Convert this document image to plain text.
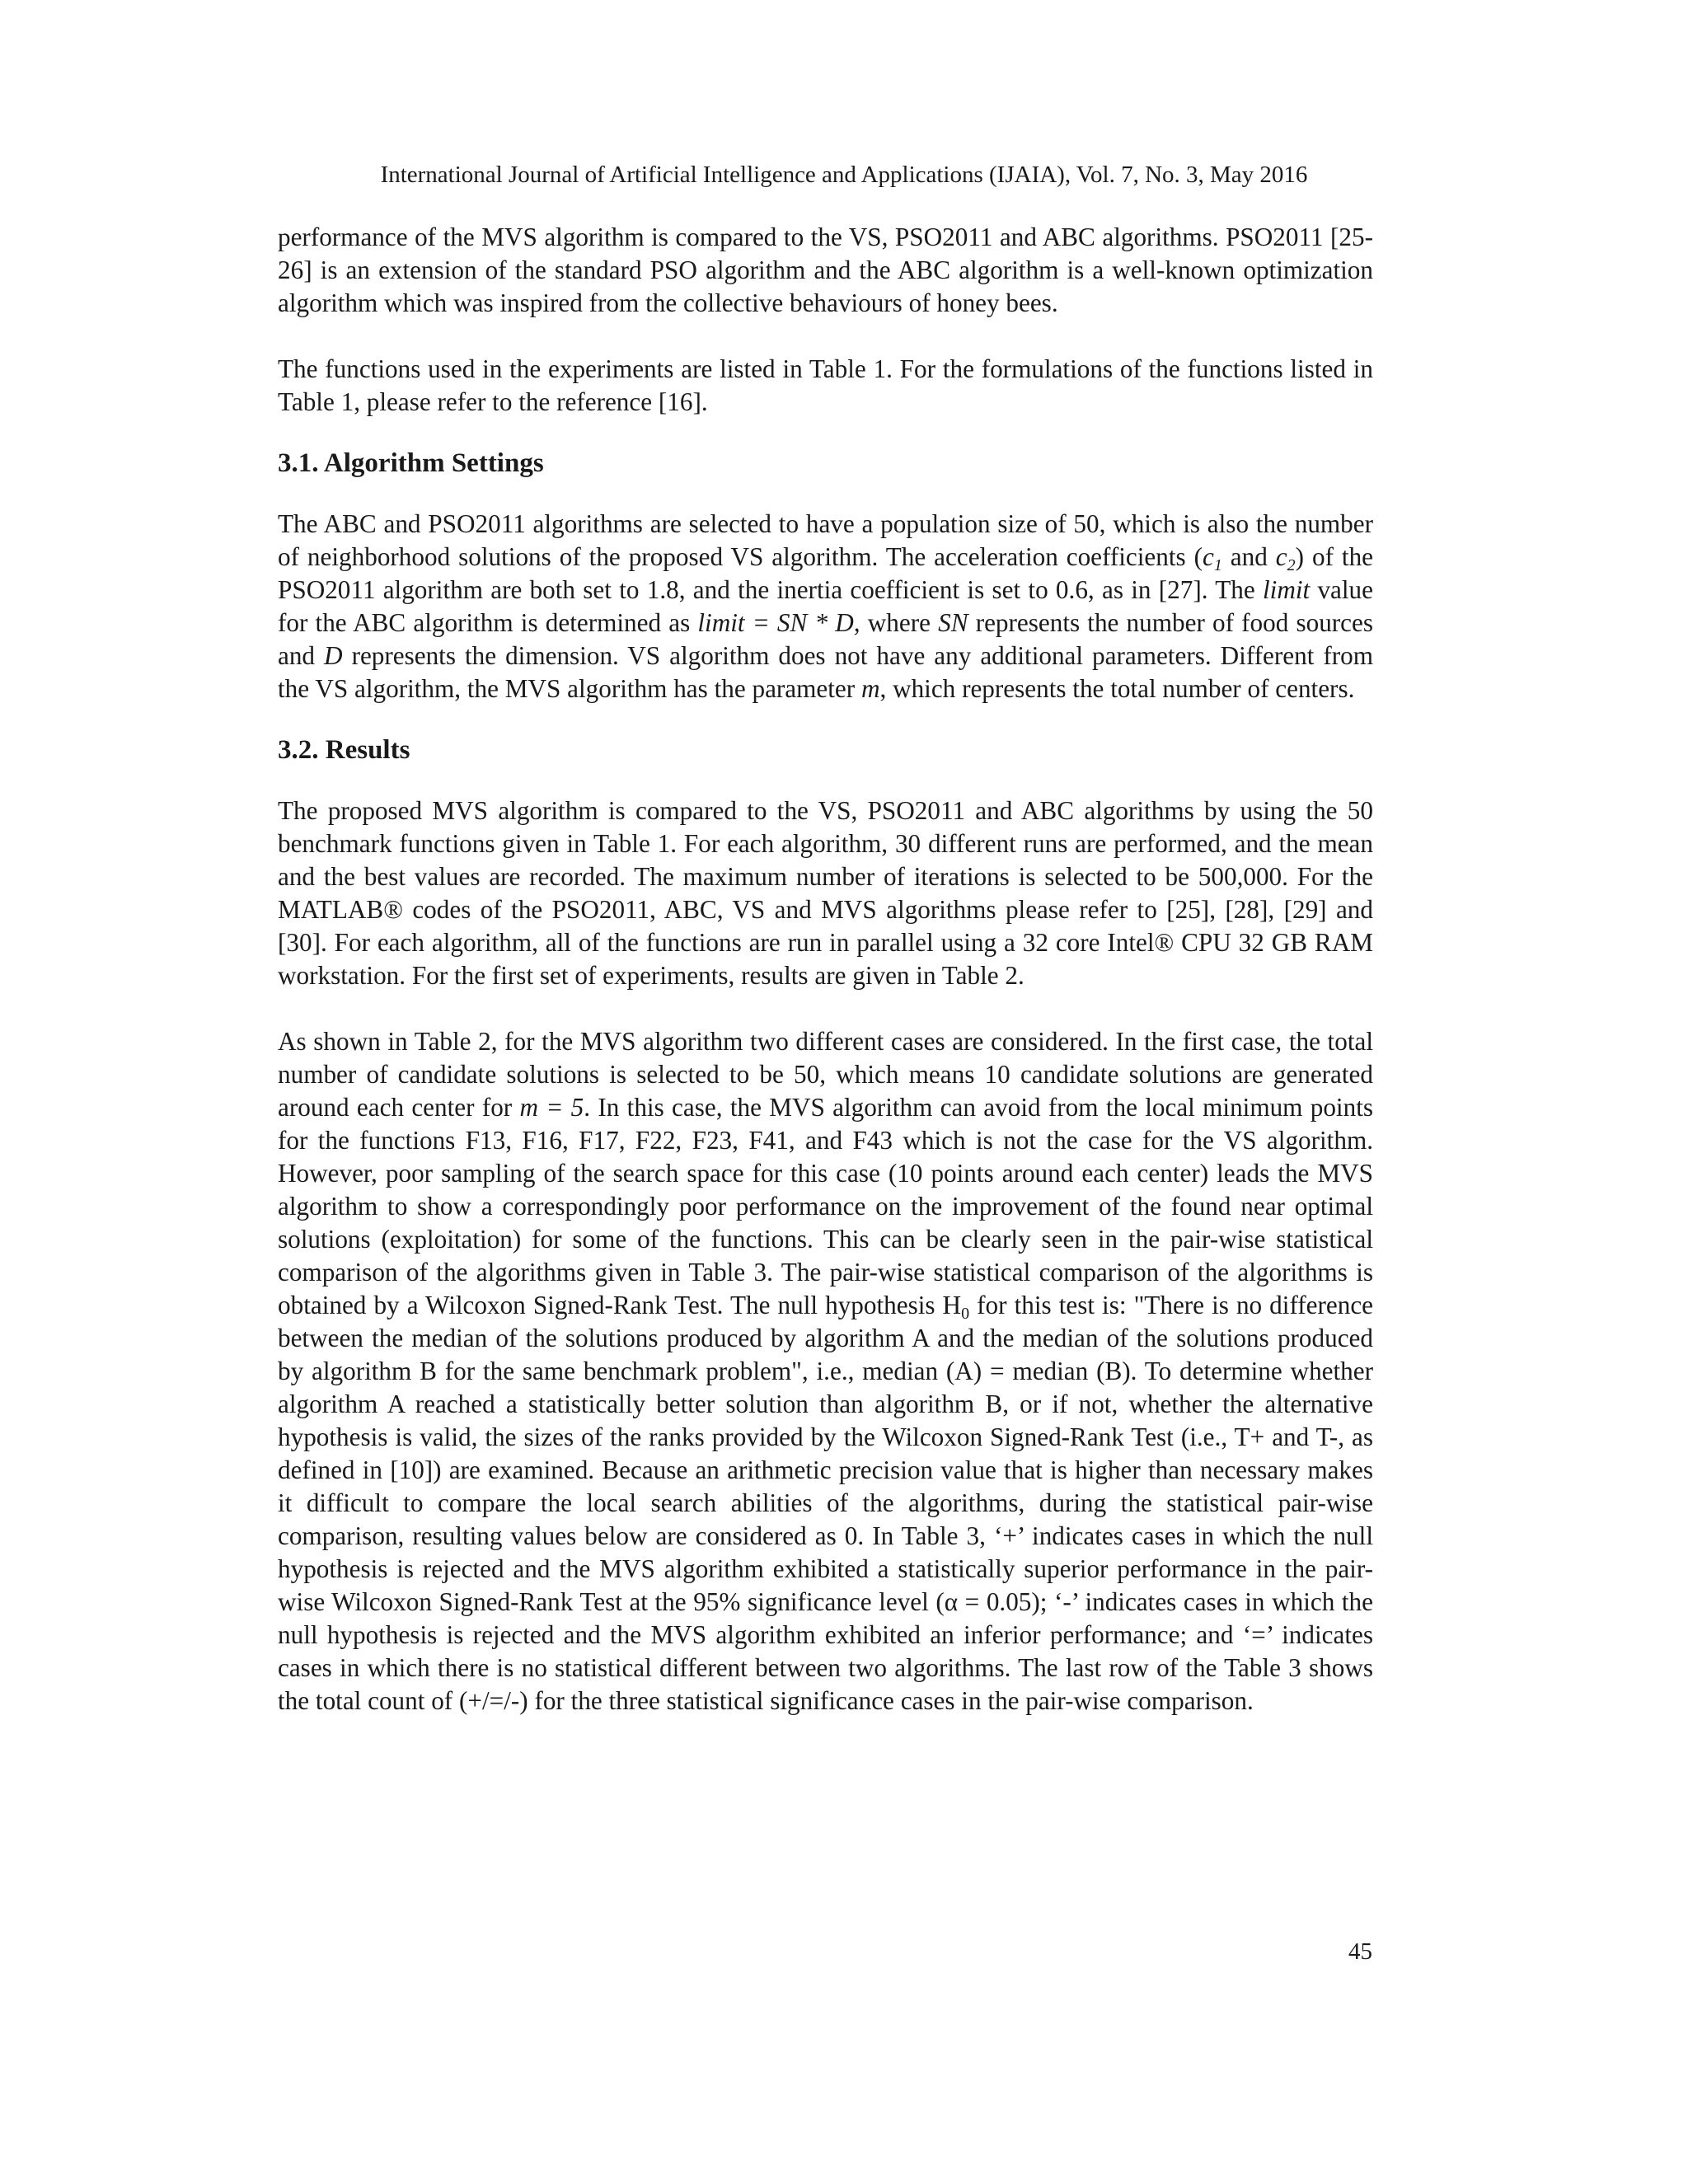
International Journal of Artificial Intelligence and Applications (IJAIA), Vol. 7, No. 3, May 2016

performance of the MVS algorithm is compared to the VS, PSO2011 and ABC algorithms. PSO2011 [25-26] is an extension of the standard PSO algorithm and the ABC algorithm is a well-known optimization algorithm which was inspired from the collective behaviours of honey bees.

The functions used in the experiments are listed in Table 1. For the formulations of the functions listed in Table 1, please refer to the reference [16].

3.1. Algorithm Settings

The ABC and PSO2011 algorithms are selected to have a population size of 50, which is also the number of neighborhood solutions of the proposed VS algorithm. The acceleration coefficients ($c_1$ and $c_2$) of the PSO2011 algorithm are both set to 1.8, and the inertia coefficient is set to 0.6, as in [27]. The limit value for the ABC algorithm is determined as limit = SN * D, where SN represents the number of food sources and D represents the dimension. VS algorithm does not have any additional parameters. Different from the VS algorithm, the MVS algorithm has the parameter m, which represents the total number of centers.

3.2. Results

The proposed MVS algorithm is compared to the VS, PSO2011 and ABC algorithms by using the 50 benchmark functions given in Table 1. For each algorithm, 30 different runs are performed, and the mean and the best values are recorded. The maximum number of iterations is selected to be 500,000. For the MATLAB® codes of the PSO2011, ABC, VS and MVS algorithms please refer to [25], [28], [29] and [30]. For each algorithm, all of the functions are run in parallel using a 32 core Intel® CPU 32 GB RAM workstation. For the first set of experiments, results are given in Table 2.

As shown in Table 2, for the MVS algorithm two different cases are considered. In the first case, the total number of candidate solutions is selected to be 50, which means 10 candidate solutions are generated around each center for m = 5. In this case, the MVS algorithm can avoid from the local minimum points for the functions F13, F16, F17, F22, F23, F41, and F43 which is not the case for the VS algorithm. However, poor sampling of the search space for this case (10 points around each center) leads the MVS algorithm to show a correspondingly poor performance on the improvement of the found near optimal solutions (exploitation) for some of the functions. This can be clearly seen in the pair-wise statistical comparison of the algorithms given in Table 3. The pair-wise statistical comparison of the algorithms is obtained by a Wilcoxon Signed-Rank Test. The null hypothesis $H_0$ for this test is: "There is no difference between the median of the solutions produced by algorithm A and the median of the solutions produced by algorithm B for the same benchmark problem", i.e., median (A) = median (B). To determine whether algorithm A reached a statistically better solution than algorithm B, or if not, whether the alternative hypothesis is valid, the sizes of the ranks provided by the Wilcoxon Signed-Rank Test (i.e., T+ and T-, as defined in [10]) are examined. Because an arithmetic precision value that is higher than necessary makes it difficult to compare the local search abilities of the algorithms, during the statistical pair-wise comparison, resulting values below are considered as 0. In Table 3, ‘+’ indicates cases in which the null hypothesis is rejected and the MVS algorithm exhibited a statistically superior performance in the pair-wise Wilcoxon Signed-Rank Test at the 95% significance level (α = 0.05); ‘-’ indicates cases in which the null hypothesis is rejected and the MVS algorithm exhibited an inferior performance; and ‘=’ indicates cases in which there is no statistical different between two algorithms. The last row of the Table 3 shows the total count of (+/=/-) for the three statistical significance cases in the pair-wise comparison.

45
